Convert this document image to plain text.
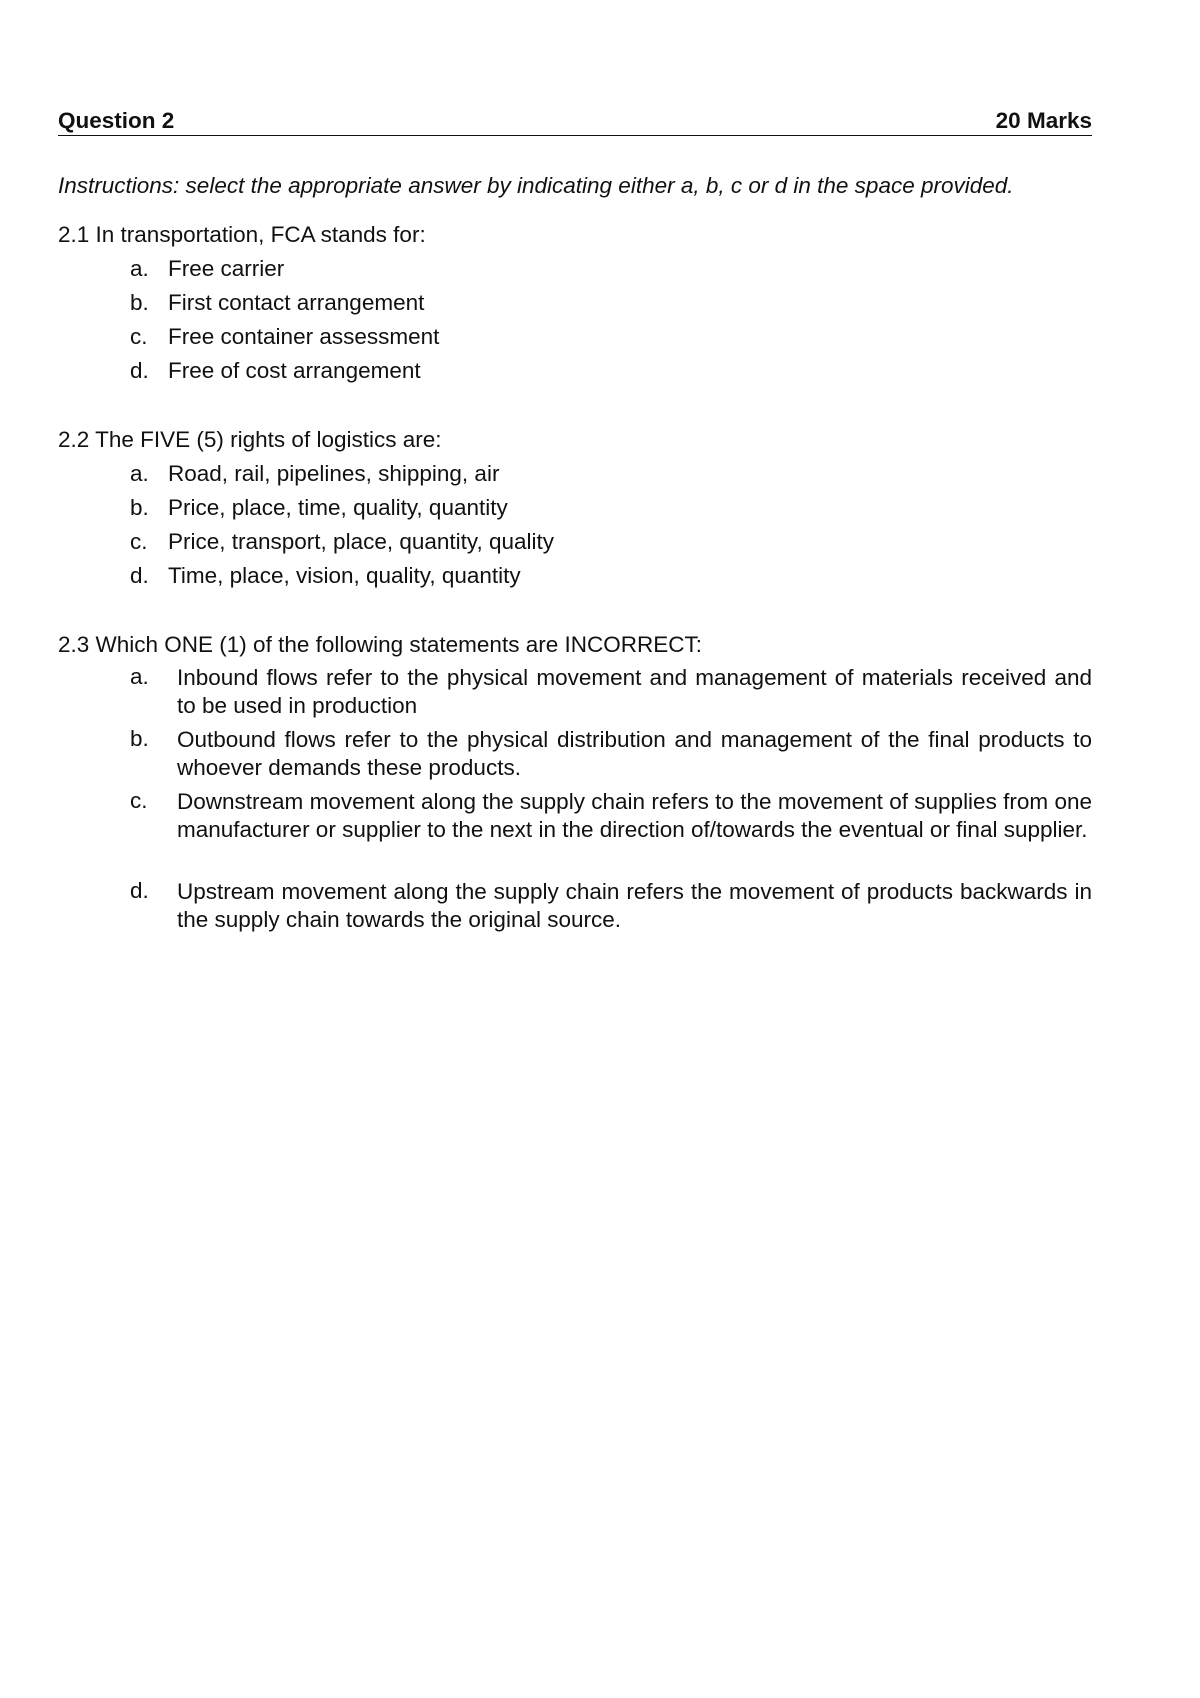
Question 2	20 Marks
Instructions: select the appropriate answer by indicating either a, b, c or d in the space provided.
2.1 In transportation, FCA stands for:
a. Free carrier
b. First contact arrangement
c. Free container assessment
d. Free of cost arrangement
2.2 The FIVE (5) rights of logistics are:
a. Road, rail, pipelines, shipping, air
b. Price, place, time, quality, quantity
c. Price, transport, place, quantity, quality
d. Time, place, vision, quality, quantity
2.3 Which ONE (1) of the following statements are INCORRECT:
a. Inbound flows refer to the physical movement and management of materials received and to be used in production
b. Outbound flows refer to the physical distribution and management of the final products to whoever demands these products.
c. Downstream movement along the supply chain refers to the movement of supplies from one manufacturer or supplier to the next in the direction of/towards the eventual or final supplier.
d. Upstream movement along the supply chain refers the movement of products backwards in the supply chain towards the original source.
